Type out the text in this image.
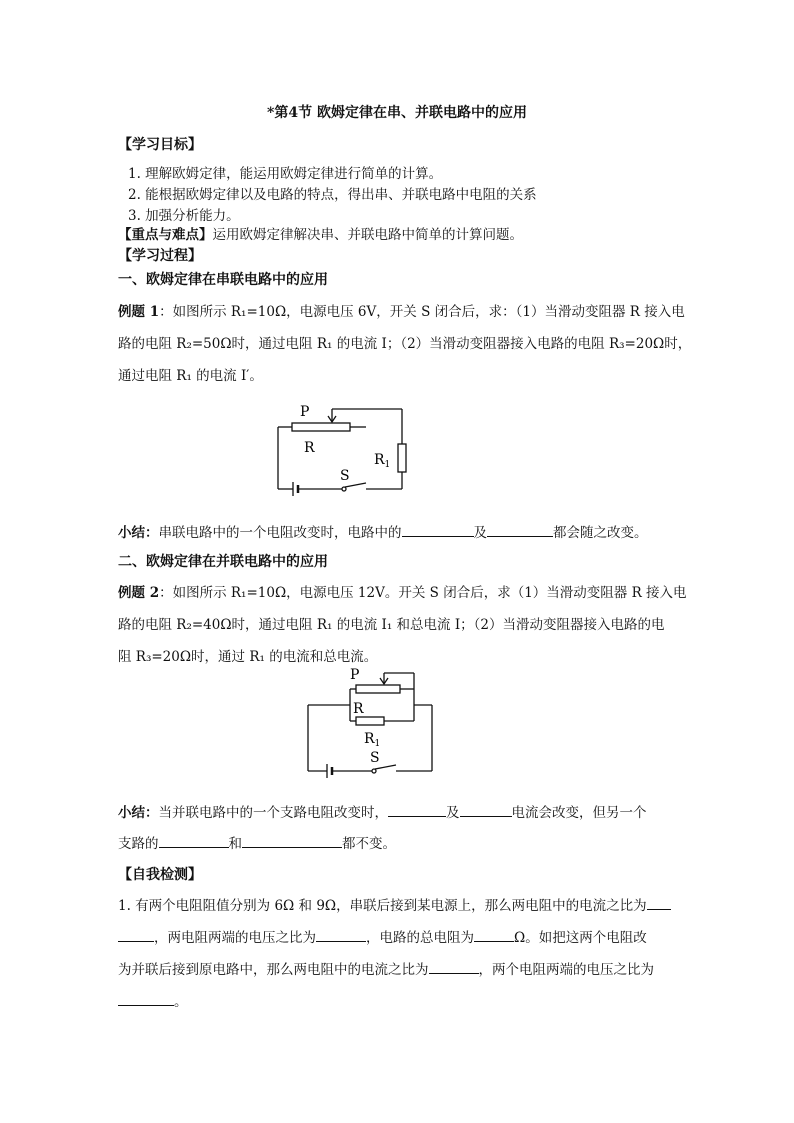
*第4节 欧姆定律在串、并联电路中的应用
【学习目标】
1. 理解欧姆定律，能运用欧姆定律进行简单的计算。
2. 能根据欧姆定律以及电路的特点，得出串、并联电路中电阻的关系
3. 加强分析能力。
【重点与难点】运用欧姆定律解决串、并联电路中简单的计算问题。
【学习过程】
一、欧姆定律在串联电路中的应用
例题 1：如图所示 R₁=10Ω，电源电压 6V，开关 S 闭合后，求：（1）当滑动变阻器 R 接入电
路的电阻 R₂=50Ω时，通过电阻 R₁ 的电流 I；（2）当滑动变阻器接入电路的电阻 R₃=20Ω时，
通过电阻 R₁ 的电流 I′。
P
R
$R_1$
S
小结：串联电路中的一个电阻改变时，电路中的	及	都会随之改变。
二、欧姆定律在并联电路中的应用
例题 2：如图所示 R₁=10Ω，电源电压 12V。开关 S 闭合后，求（1）当滑动变阻器 R 接入电
路的电阻 R₂=40Ω时，通过电阻 R₁ 的电流 I₁ 和总电流 I；（2）当滑动变阻器接入电路的电
阻 R₃=20Ω时，通过 R₁ 的电流和总电流。
P
R
$R_1$
S
小结：当并联电路中的一个支路电阻改变时，	及	电流会改变，但另一个
支路的	和	都不变。
【自我检测】
1. 有两个电阻阻值分别为 6Ω 和 9Ω，串联后接到某电源上，那么两电阻中的电流之比为
，两电阻两端的电压之比为	，电路的总电阻为	Ω。如把这两个电阻改
为并联后接到原电路中，那么两电阻中的电流之比为	，两个电阻两端的电压之比为
。
